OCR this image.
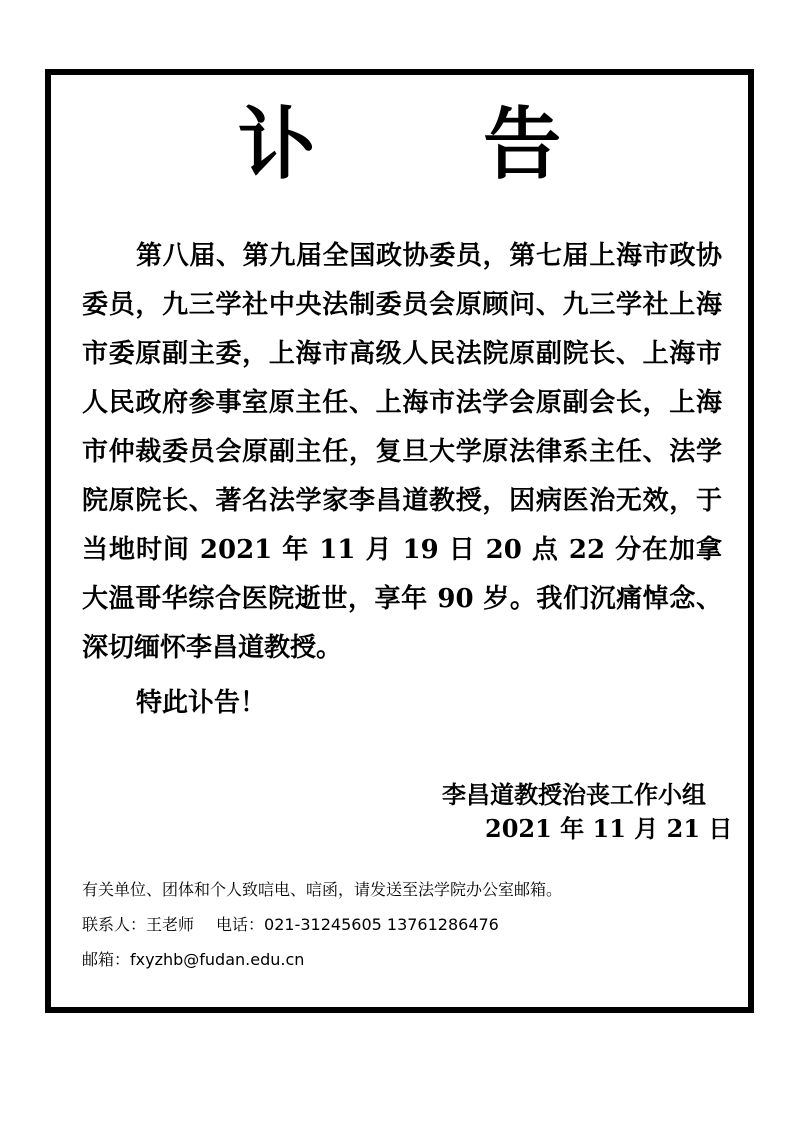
讣 告

第八届、第九届全国政协委员，第七届上海市政协委员，九三学社中央法制委员会原顾问、九三学社上海市委原副主委，上海市高级人民法院原副院长、上海市人民政府参事室原主任、上海市法学会原副会长，上海市仲裁委员会原副主任，复旦大学原法律系主任、法学院原院长、著名法学家李昌道教授，因病医治无效，于当地时间 2021 年 11 月 19 日 20 点 22 分在加拿大温哥华综合医院逝世，享年 90 岁。我们沉痛悼念、深切缅怀李昌道教授。

特此讣告！
李昌道教授治丧工作小组
2021 年 11 月 21 日
有关单位、团体和个人致唁电、唁函，请发送至法学院办公室邮箱。
联系人：王老师 电话：021-31245605 13761286476
邮箱：fxyzhb@fudan.edu.cn
